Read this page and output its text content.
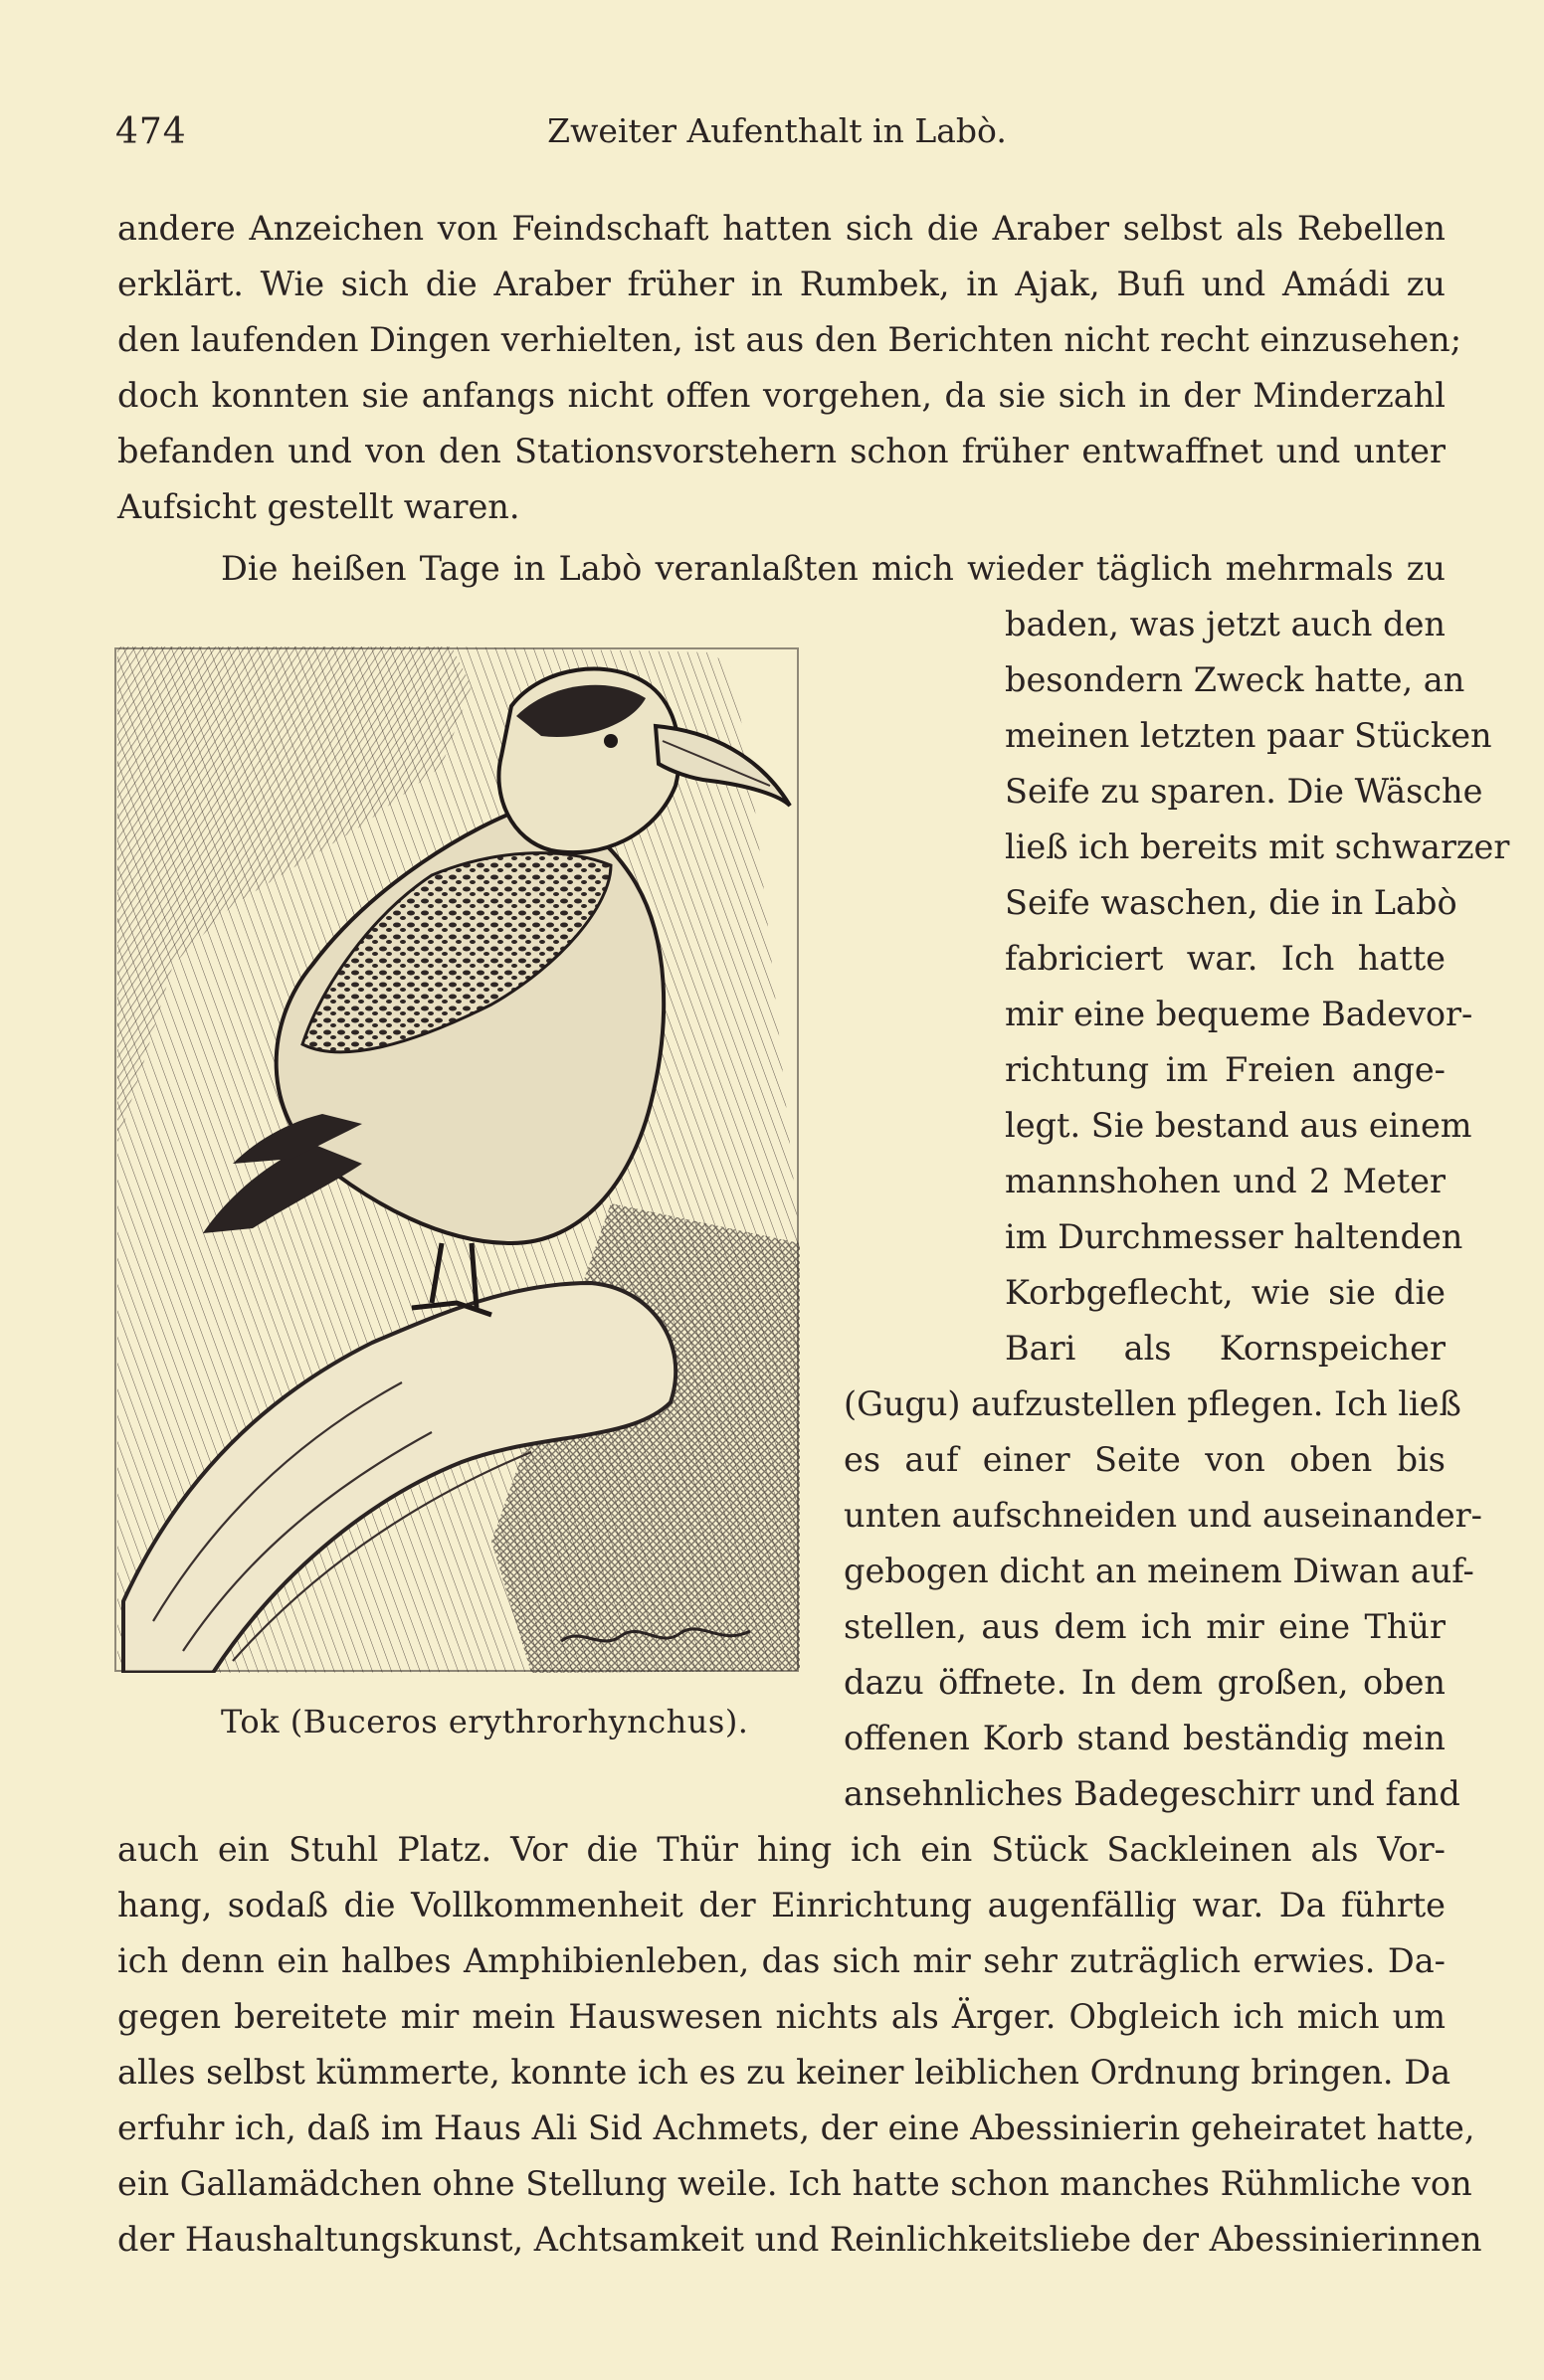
474	Zweiter Aufenthalt in Labò.
andere Anzeichen von Feindschaft hatten sich die Araber selbst als Rebellen
erklärt. Wie sich die Araber früher in Rumbek, in Ajak, Bufi und Amádi zu
den laufenden Dingen verhielten, ist aus den Berichten nicht recht einzusehen;
doch konnten sie anfangs nicht offen vorgehen, da sie sich in der Minderzahl
befanden und von den Stationsvorstehern schon früher entwaffnet und unter
Aufsicht gestellt waren.
Die heißen Tage in Labò veranlaßten mich wieder täglich mehrmals zu
baden, was jetzt auch den
besondern Zweck hatte, an
meinen letzten paar Stücken
Seife zu sparen. Die Wäsche
ließ ich bereits mit schwarzer
Seife waschen, die in Labò
fabriciert war. Ich hatte
mir eine bequeme Badevor-
richtung im Freien ange-
legt. Sie bestand aus einem
mannshohen und 2 Meter
im Durchmesser haltenden
Korbgeflecht, wie sie die
Bari als Kornspeicher
(Gugu) aufzustellen pflegen. Ich ließ
es auf einer Seite von oben bis
unten aufschneiden und auseinander-
gebogen dicht an meinem Diwan auf-
stellen, aus dem ich mir eine Thür
dazu öffnete. In dem großen, oben
offenen Korb stand beständig mein
ansehnliches Badegeschirr und fand
auch ein Stuhl Platz. Vor die Thür hing ich ein Stück Sackleinen als Vor-
hang, sodaß die Vollkommenheit der Einrichtung augenfällig war. Da führte
ich denn ein halbes Amphibienleben, das sich mir sehr zuträglich erwies. Da-
gegen bereitete mir mein Hauswesen nichts als Ärger. Obgleich ich mich um
alles selbst kümmerte, konnte ich es zu keiner leiblichen Ordnung bringen. Da
erfuhr ich, daß im Haus Ali Sid Achmets, der eine Abessinierin geheiratet hatte,
ein Gallamädchen ohne Stellung weile. Ich hatte schon manches Rühmliche von
der Haushaltungskunst, Achtsamkeit und Reinlichkeitsliebe der Abessinierinnen
Tok (Buceros erythrorhynchus).
